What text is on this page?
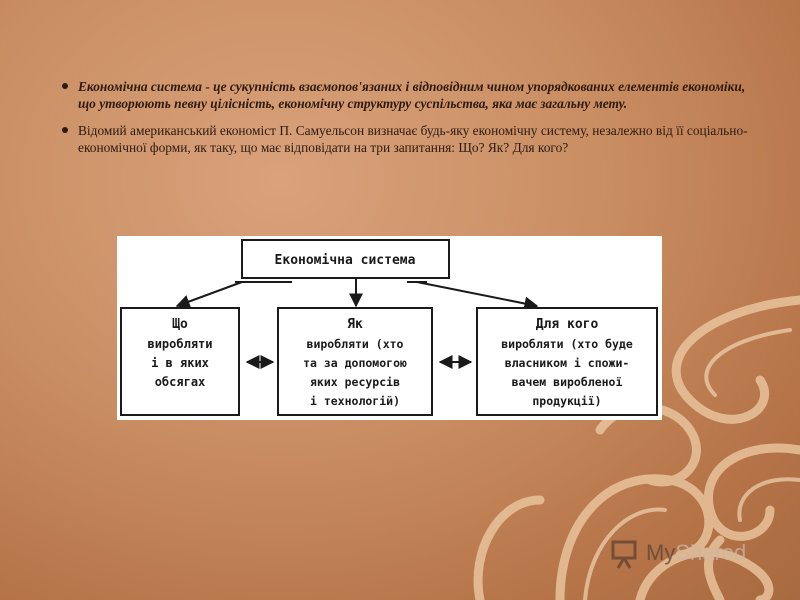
Економічна система - це сукупність взаємопов'язаних і відповідним чином упорядкованих елементів економіки, що утворюють певну цілісність, економічну структуру суспільства, яка має загальну мету.
Відомий американський економіст П. Самуельсон визначає будь-яку економічну систему, незалежно від її соціально-економічної форми, як таку, що має відповідати на три запитання: Що? Як? Для кого?
Економічна система
Що
виробляти
і в яких
обсягах
Як
виробляти (хто
та за допомогою
яких ресурсів
і технологій)
Для кого
виробляти (хто буде
власником і спожи-
вачем виробленої
продукції)
MyShared
